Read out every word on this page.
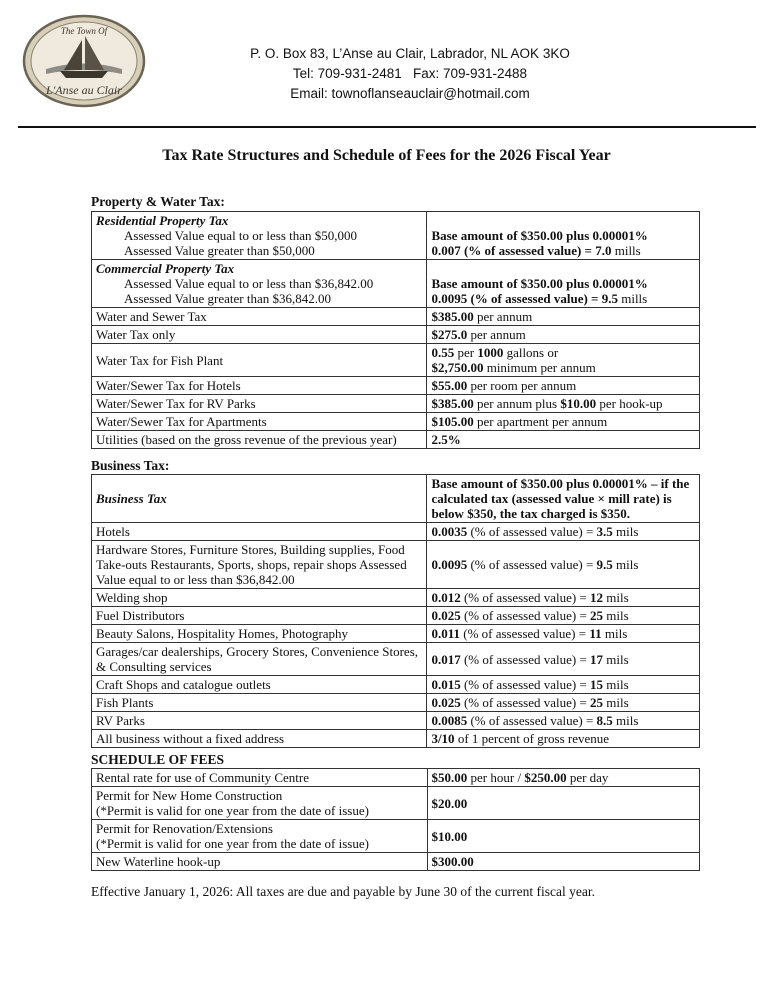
The Town Of
L'Anse au Clair
P. O. Box 83, L’Anse au Clair, Labrador, NL AOK 3KO
Tel: 709-931-2481   Fax: 709-931-2488
Email: townoflanseauclair@hotmail.com
Tax Rate Structures and Schedule of Fees for the 2026 Fiscal Year
Property & Water Tax:
Residential Property Tax
Assessed Value equal to or less than $50,000
Assessed Value greater than $50,000	Base amount of $350.00 plus 0.00001%
0.007 (% of assessed value) = 7.0 mills

Commercial Property Tax
Assessed Value equal to or less than $36,842.00
Assessed Value greater than $36,842.00	Base amount of $350.00 plus 0.00001%
0.0095 (% of assessed value) = 9.5 mills
Water and Sewer Tax	$385.00 per annum
Water Tax only	$275.0 per annum
Water Tax for Fish Plant	0.55 per 1000 gallons or
$2,750.00 minimum per annum

Water/Sewer Tax for Hotels	$55.00 per room per annum
Water/Sewer Tax for RV Parks	$385.00 per annum plus $10.00 per hook-up
Water/Sewer Tax for Apartments	$105.00 per apartment per annum
Utilities (based on the gross revenue of the previous year)	2.5%
Business Tax:
Business Tax	Base amount of $350.00 plus 0.00001% – if the calculated tax (assessed value × mill rate) is below $350, the tax charged is $350.
Hotels	0.0035 (% of assessed value) = 3.5 mils
Hardware Stores, Furniture Stores, Building supplies, Food Take-outs Restaurants, Sports, shops, repair shops Assessed Value equal to or less than $36,842.00	0.0095 (% of assessed value) = 9.5 mils
Welding shop	0.012 (% of assessed value) = 12 mils
Fuel Distributors	0.025 (% of assessed value) = 25 mils
Beauty Salons, Hospitality Homes, Photography	0.011 (% of assessed value) = 11 mils
Garages/car dealerships, Grocery Stores, Convenience Stores, & Consulting services	0.017 (% of assessed value) = 17 mils
Craft Shops and catalogue outlets	0.015 (% of assessed value) = 15 mils
Fish Plants	0.025 (% of assessed value) = 25 mils
RV Parks	0.0085 (% of assessed value) = 8.5 mils
All business without a fixed address	3/10 of 1 percent of gross revenue
SCHEDULE OF FEES
Rental rate for use of Community Centre	$50.00 per hour / $250.00 per day

Permit for New Home Construction
(*Permit is valid for one year from the date of issue)	$20.00

Permit for Renovation/Extensions
(*Permit is valid for one year from the date of issue)	$10.00
New Waterline hook-up	$300.00
Effective January 1, 2026: All taxes are due and payable by June 30 of the current fiscal year.
